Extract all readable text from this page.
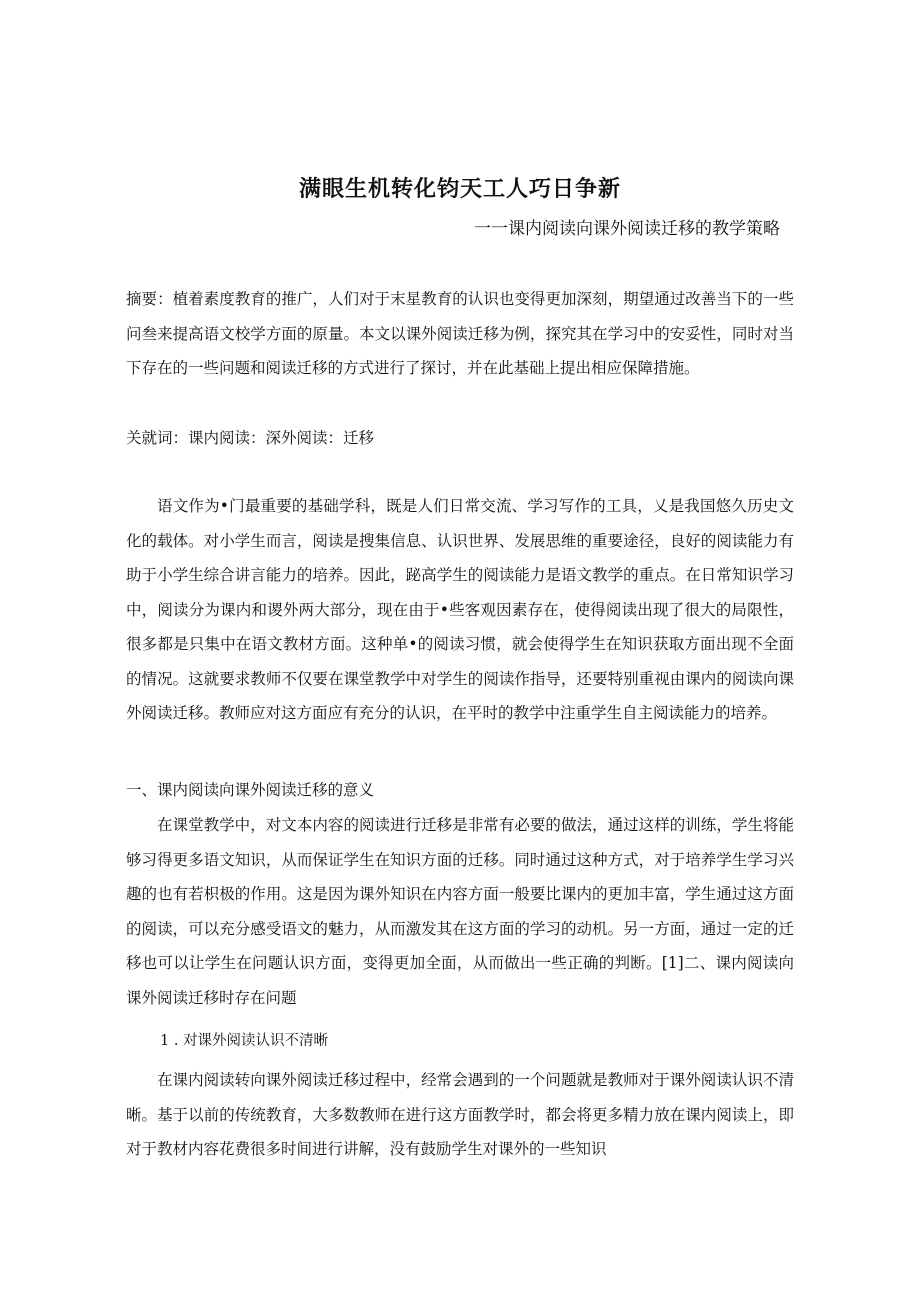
满眼生机转化钧天工人巧日争新

一一课内阅读向课外阅读迁移的教学策略

摘要：植着素度教育的推广，人们对于末星教育的认识也变得更加深刻，期望通过改善当下的一些问叁来提高语文校学方面的原量。本文以课外阅读迁移为例，探究其在学习中的安妥性，同时对当下存在的一些问题和阅读迁移的方式进行了探讨，并在此基础上提出相应保障措施。

关就词：课内阅读：深外阅读：迁移

语文作为•门最重要的基础学科，既是人们日常交流、学习写作的工具，乂是我国悠久历史文化的载体。对小学生而言，阅读是搜集信息、认识世界、发展思维的重要途径，良好的阅读能力有助于小学生综合讲言能力的培养。因此，䟤高学生的阅读能力是语文教学的重点。在日常知识学习中，阅读分为课内和谡外两大部分，现在由于•些客观因素存在，使得阅读出现了很大的局限性，很多都是只集中在语文教材方面。这种单•的阅读习惯，就会使得学生在知识获取方面出现不全面的情况。这就要求教师不仅要在课堂教学中对学生的阅读作指导，还要特别重视由课内的阅读向课外阅读迁移。教师应对这方面应有充分的认识，在平时的教学中注重学生自主阅读能力的培养。

一、课内阅读向课外阅读迁移的意义

在课堂教学中，对文本内容的阅读进行迁移是非常有必要的做法，通过这样的训练，学生将能够习得更多语文知识，从而保证学生在知识方面的迁移。同时通过这种方式，对于培养学生学习兴趣的也有若枳极的作用。这是因为课外知识在内容方面一般要比课内的更加丰富，学生通过这方面的阅读，可以充分感受语文的魅力，从而激发其在这方面的学习的动机。另一方面，通过一定的迁移也可以让学生在问题认识方面，变得更加全面，从而做出一些正确的判断。[1]二、课内阅读向课外阅读迁移时存在问题

1 . 对课外阅读认识不清晰

在课内阅读转向课外阅读迁移过程中，经常会遇到的一个问题就是教师对于课外阅读认识不清晰。基于以前的传统教育，大多数教师在进行这方面教学时，都会将更多精力放在课内阅读上，即对于教材内容花费很多时间进行讲解，没有鼓励学生对课外的一些知识
